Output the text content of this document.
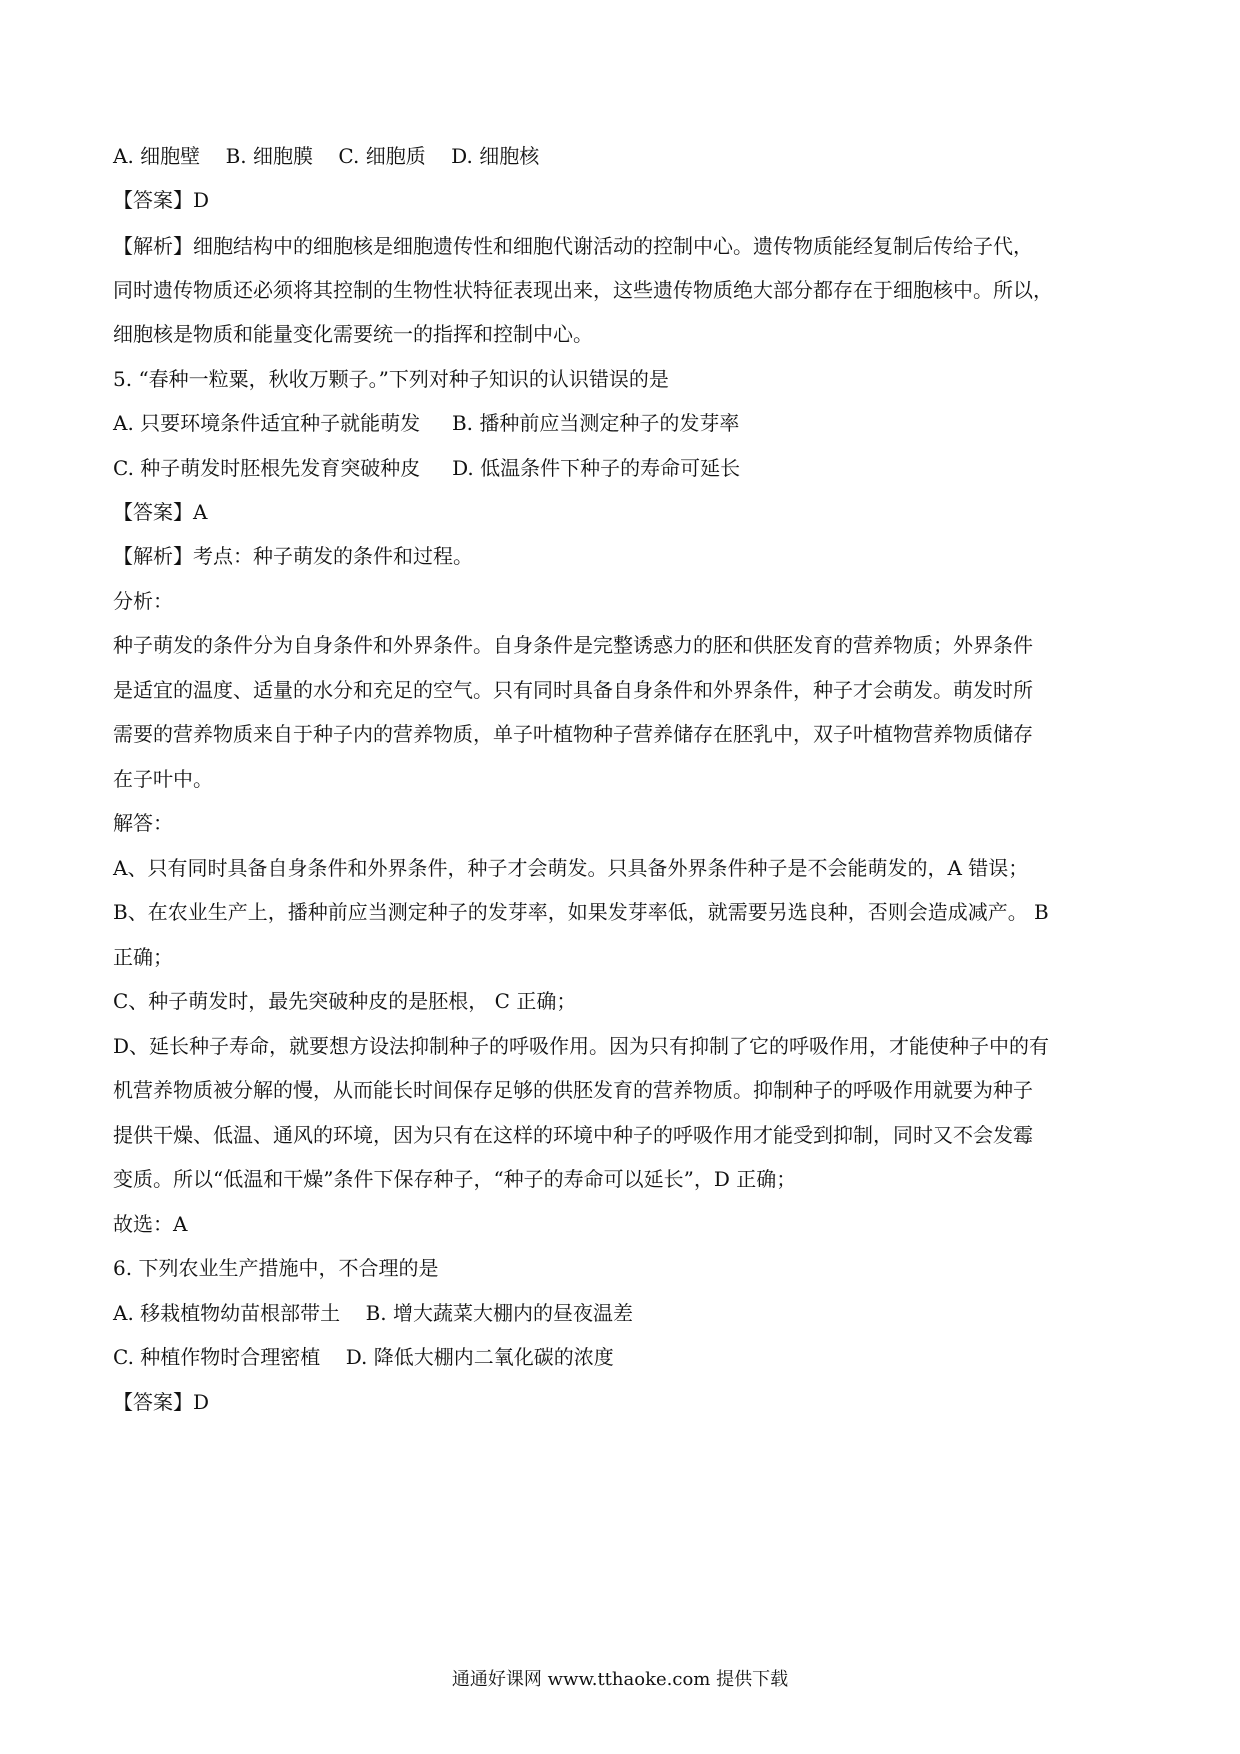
A. 细胞壁    B. 细胞膜    C. 细胞质    D. 细胞核
【答案】D
【解析】细胞结构中的细胞核是细胞遗传性和细胞代谢活动的控制中心。遗传物质能经复制后传给子代，
同时遗传物质还必须将其控制的生物性状特征表现出来，这些遗传物质绝大部分都存在于细胞核中。所以，
细胞核是物质和能量变化需要统一的指挥和控制中心。
5. “春种一粒粟，秋收万颗子。”下列对种子知识的认识错误的是
A. 只要环境条件适宜种子就能萌发     B. 播种前应当测定种子的发芽率
C. 种子萌发时胚根先发育突破种皮     D. 低温条件下种子的寿命可延长
【答案】A
【解析】考点：种子萌发的条件和过程。
分析：
种子萌发的条件分为自身条件和外界条件。自身条件是完整诱惑力的胚和供胚发育的营养物质；外界条件
是适宜的温度、适量的水分和充足的空气。只有同时具备自身条件和外界条件，种子才会萌发。萌发时所
需要的营养物质来自于种子内的营养物质，单子叶植物种子营养储存在胚乳中，双子叶植物营养物质储存
在子叶中。
解答：
A、只有同时具备自身条件和外界条件，种子才会萌发。只具备外界条件种子是不会能萌发的，A 错误；
B、在农业生产上，播种前应当测定种子的发芽率，如果发芽率低，就需要另选良种，否则会造成减产。 B
正确；
C、种子萌发时，最先突破种皮的是胚根， C 正确；
D、延长种子寿命，就要想方设法抑制种子的呼吸作用。因为只有抑制了它的呼吸作用，才能使种子中的有
机营养物质被分解的慢，从而能长时间保存足够的供胚发育的营养物质。抑制种子的呼吸作用就要为种子
提供干燥、低温、通风的环境，因为只有在这样的环境中种子的呼吸作用才能受到抑制，同时又不会发霉
变质。所以“低温和干燥”条件下保存种子，“种子的寿命可以延长”，D 正确；
故选：A
6. 下列农业生产措施中，不合理的是
A. 移栽植物幼苗根部带土    B. 增大蔬菜大棚内的昼夜温差
C. 种植作物时合理密植    D. 降低大棚内二氧化碳的浓度
【答案】D
通通好课网 www.tthaoke.com 提供下载
